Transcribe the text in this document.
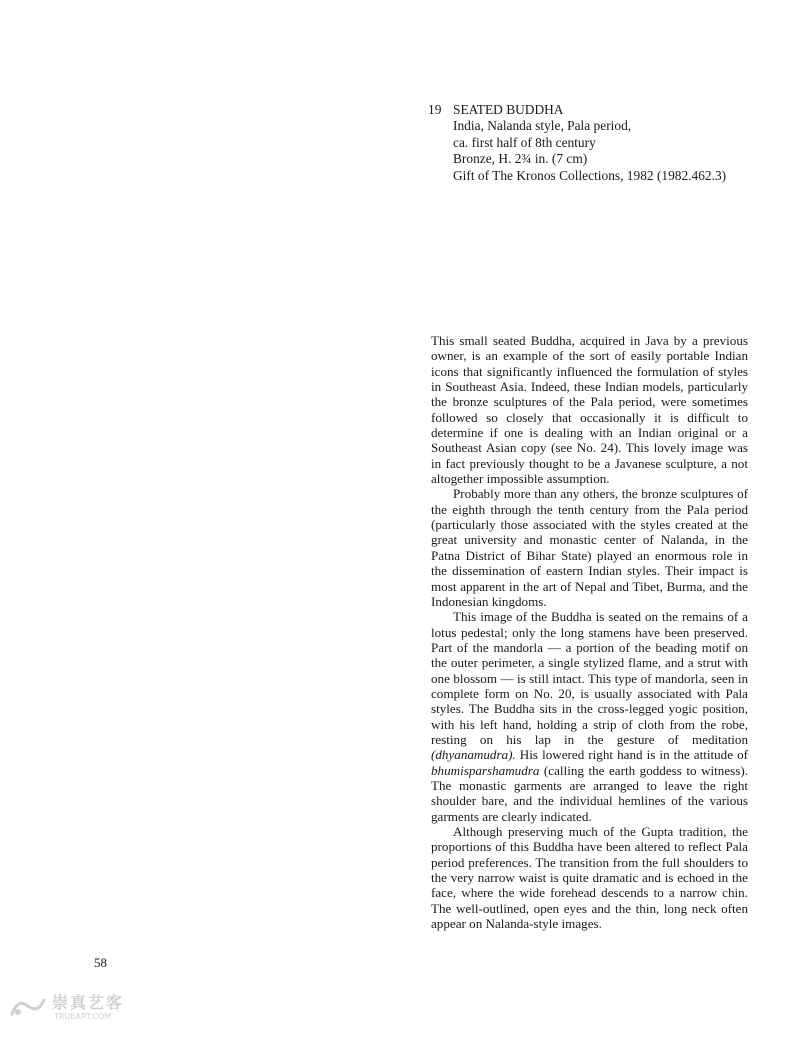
19 SEATED BUDDHA
India, Nalanda style, Pala period,
ca. first half of 8th century
Bronze, H. 2¾ in. (7 cm)
Gift of The Kronos Collections, 1982 (1982.462.3)

This small seated Buddha, acquired in Java by a previous owner, is an example of the sort of easily portable Indian icons that significantly influenced the formulation of styles in Southeast Asia. Indeed, these Indian models, particularly the bronze sculptures of the Pala period, were sometimes followed so closely that occasionally it is difficult to determine if one is dealing with an Indian original or a Southeast Asian copy (see No. 24). This lovely image was in fact previously thought to be a Javanese sculpture, a not altogether impossible assumption.

Probably more than any others, the bronze sculptures of the eighth through the tenth century from the Pala period (particularly those associated with the styles created at the great university and monastic center of Nalanda, in the Patna District of Bihar State) played an enormous role in the dissemination of eastern Indian styles. Their impact is most apparent in the art of Nepal and Tibet, Burma, and the Indonesian kingdoms.

This image of the Buddha is seated on the remains of a lotus pedestal; only the long stamens have been preserved. Part of the mandorla — a portion of the beading motif on the outer perimeter, a single stylized flame, and a strut with one blossom — is still intact. This type of mandorla, seen in complete form on No. 20, is usually associated with Pala styles. The Buddha sits in the cross-legged yogic position, with his left hand, holding a strip of cloth from the robe, resting on his lap in the gesture of meditation (dhyanamudra). His lowered right hand is in the attitude of bhumisparshamudra (calling the earth goddess to witness). The monastic garments are arranged to leave the right shoulder bare, and the individual hemlines of the various garments are clearly indicated.

Although preserving much of the Gupta tradition, the proportions of this Buddha have been altered to reflect Pala period preferences. The transition from the full shoulders to the very narrow waist is quite dramatic and is echoed in the face, where the wide forehead descends to a narrow chin. The well-outlined, open eyes and the thin, long neck often appear on Nalanda-style images.

58
崇真艺客
TRUEART.COM
